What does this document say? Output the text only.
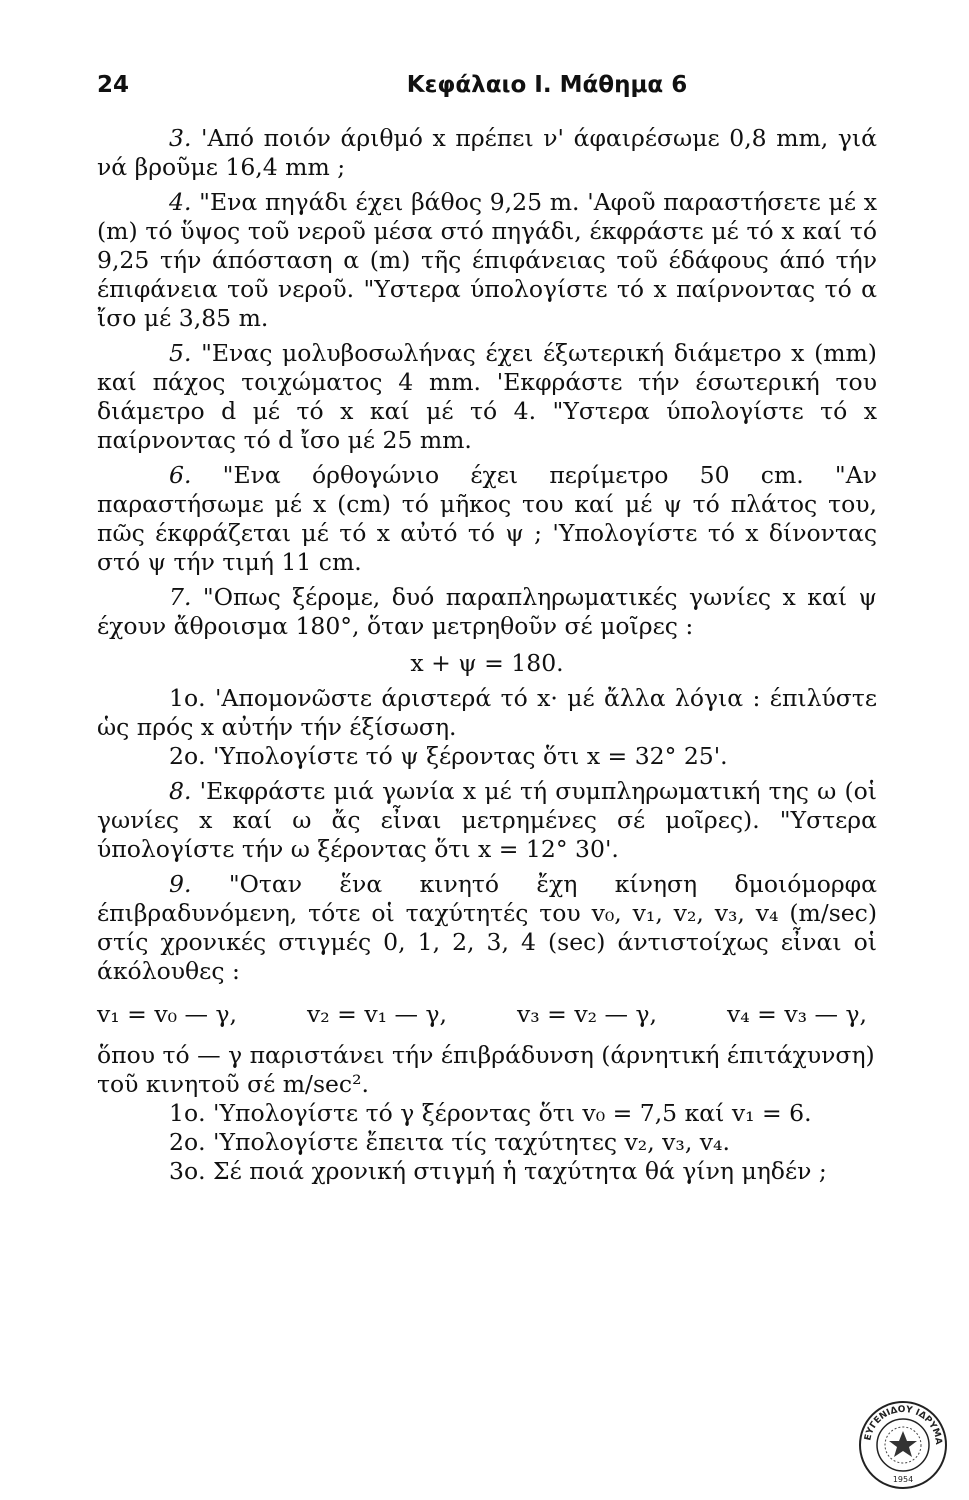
24	Κεφάλαιο Ι. Μάθημα 6

3. 'Από ποιόν άριθμό x πρέπει ν' άφαιρέσωμε 0,8 mm, γιά νά βροῦμε 16,4 mm ;

4. "Ενα πηγάδι έχει βάθος 9,25 m. 'Αφοῦ παραστήσετε μέ x (m) τό ὕψος τοῦ νεροῦ μέσα στό πηγάδι, έκφράστε μέ τό x καί τό 9,25 τήν άπόσταση α (m) τῆς έπιφάνειας τοῦ έδάφους άπό τήν έπιφάνεια τοῦ νεροῦ. "Υστερα ύπολογίστε τό x παίρνοντας τό α ἴσο μέ 3,85 m.

5. "Ενας μολυβοσωλήνας έχει έξωτερική διάμετρο x (mm) καί πάχος τοιχώματος 4 mm. 'Εκφράστε τήν έσωτερική του διάμετρο d μέ τό x καί μέ τό 4. "Υστερα ύπολογίστε τό x παίρνοντας τό d ἴσο μέ 25 mm.

6. "Ενα όρθογώνιο έχει περίμετρο 50 cm. "Αν παραστήσωμε μέ x (cm) τό μῆκος του καί μέ ψ τό πλάτος του, πῶς έκφράζεται μέ τό x αὐτό τό ψ ; 'Υπολογίστε τό x δίνοντας στό ψ τήν τιμή 11 cm.

7. "Οπως ξέρομε, δυό παραπληρωματικές γωνίες x καί ψ έχουν ἄθροισμα 180°, ὅταν μετρηθοῦν σέ μοῖρες :

x + ψ = 180.

1ο. 'Απομονῶστε άριστερά τό x· μέ ἄλλα λόγια : έπιλύστε ὡς πρός x αὐτήν τήν έξίσωση.

2ο. 'Υπολογίστε τό ψ ξέροντας ὅτι x = 32° 25'.

8. 'Εκφράστε μιά γωνία x μέ τή συμπληρωματική της ω (οἱ γωνίες x καί ω ἄς εἶναι μετρημένες σέ μοῖρες). "Υστερα ύπολογίστε τήν ω ξέροντας ὅτι x = 12° 30'.

9. "Οταν ἕνα κινητό ἔχη κίνηση δμοιόμορφα έπιβραδυνόμενη, τότε οἱ ταχύτητές του v₀, v₁, v₂, v₃, v₄ (m/sec) στίς χρονικές στιγμές 0, 1, 2, 3, 4 (sec) άντιστοίχως εἶναι οἱ άκόλουθες :

v₁ = v₀ — γ,	v₂ = v₁ — γ,	v₃ = v₂ — γ,	v₄ = v₃ — γ,

ὅπου τό — γ παριστάνει τήν έπιβράδυνση (άρνητική έπιτάχυνση) τοῦ κινητοῦ σέ m/sec².

1ο. 'Υπολογίστε τό γ ξέροντας ὅτι v₀ = 7,5 καί v₁ = 6.

2ο. 'Υπολογίστε ἔπειτα τίς ταχύτητες v₂, v₃, v₄.

3ο. Σέ ποιά χρονική στιγμή ἡ ταχύτητα θά γίνη μηδέν ;

ΕΥΓΕΝΙΔΟΥ ΙΔΡΥΜΑ
1954
